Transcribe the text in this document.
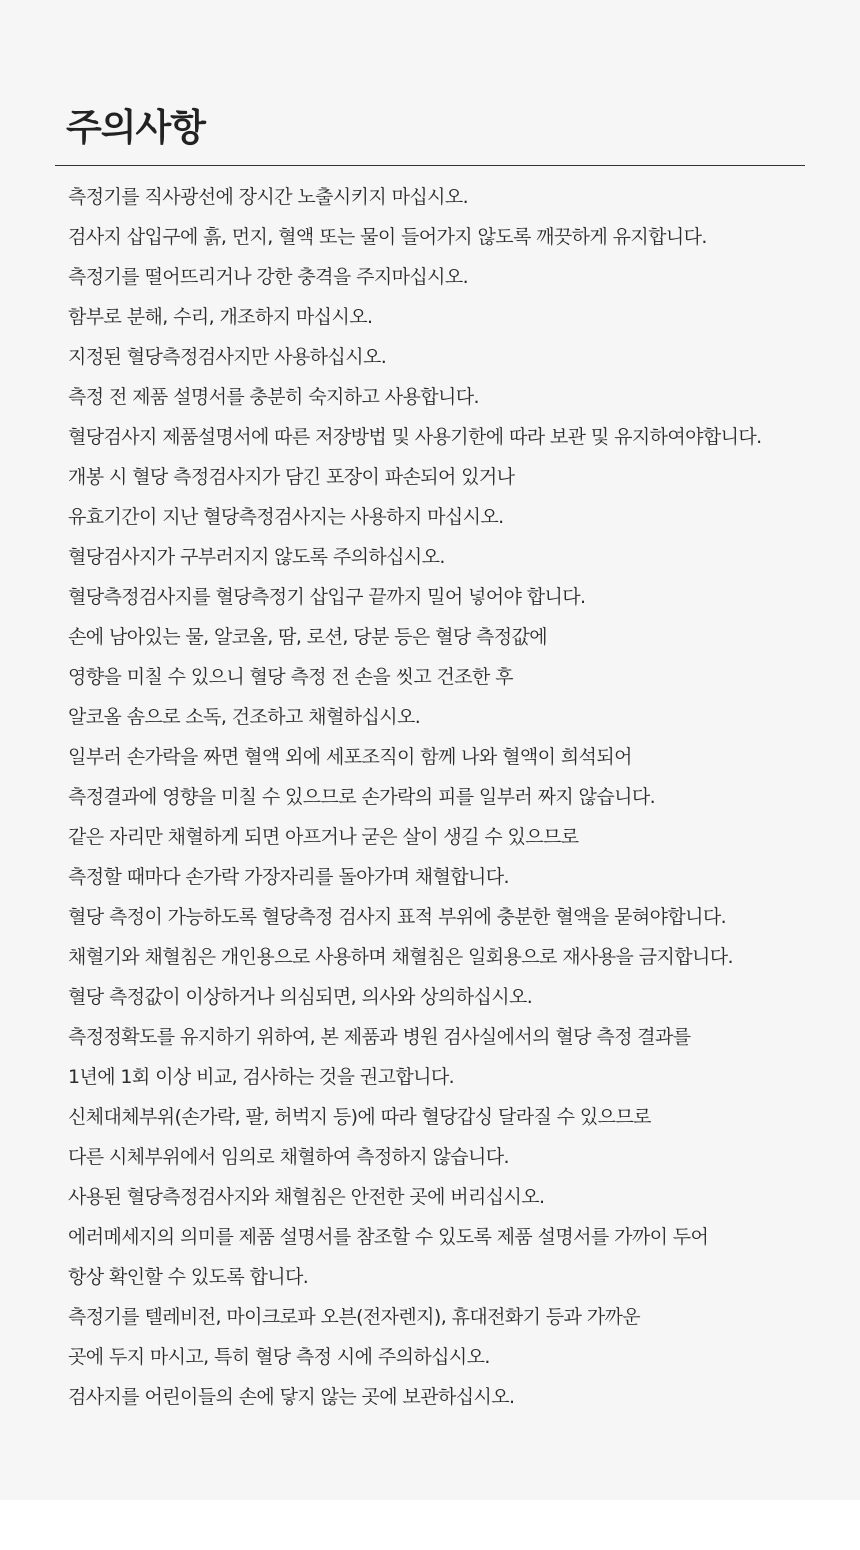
주의사항
측정기를 직사광선에 장시간 노출시키지 마십시오.
검사지 삽입구에 흙, 먼지, 혈액 또는 물이 들어가지 않도록 깨끗하게 유지합니다.
측정기를 떨어뜨리거나 강한 충격을 주지마십시오.
함부로 분해, 수리, 개조하지 마십시오.
지정된 혈당측정검사지만 사용하십시오.
측정 전 제품 설명서를 충분히 숙지하고 사용합니다.
혈당검사지 제품설명서에 따른 저장방법 및 사용기한에 따라 보관 및 유지하여야합니다.
개봉 시 혈당 측정검사지가 담긴 포장이 파손되어 있거나
유효기간이 지난 혈당측정검사지는 사용하지 마십시오.
혈당검사지가 구부러지지 않도록 주의하십시오.
혈당측정검사지를 혈당측정기 삽입구 끝까지 밀어 넣어야 합니다.
손에 남아있는 물, 알코올, 땀, 로션, 당분 등은 혈당 측정값에
영향을 미칠 수 있으니 혈당 측정 전 손을 씻고 건조한 후
알코올 솜으로 소독, 건조하고 채혈하십시오.
일부러 손가락을 짜면 혈액 외에 세포조직이 함께 나와 혈액이 희석되어
측정결과에 영향을 미칠 수 있으므로 손가락의 피를 일부러 짜지 않습니다.
같은 자리만 채혈하게 되면 아프거나 굳은 살이 생길 수 있으므로
측정할 때마다 손가락 가장자리를 돌아가며 채혈합니다.
혈당 측정이 가능하도록 혈당측정 검사지 표적 부위에 충분한 혈액을 묻혀야합니다.
채혈기와 채혈침은 개인용으로 사용하며 채혈침은 일회용으로 재사용을 금지합니다.
혈당 측정값이 이상하거나 의심되면, 의사와 상의하십시오.
측정정확도를 유지하기 위하여, 본 제품과 병원 검사실에서의 혈당 측정 결과를
1년에 1회 이상 비교, 검사하는 것을 권고합니다.
신체대체부위(손가락, 팔, 허벅지 등)에 따라 혈당갑싱 달라질 수 있으므로
다른 시체부위에서 임의로 채혈하여 측정하지 않습니다.
사용된 혈당측정검사지와 채혈침은 안전한 곳에 버리십시오.
에러메세지의 의미를 제품 설명서를 참조할 수 있도록 제품 설명서를 가까이 두어
항상 확인할 수 있도록 합니다.
측정기를 텔레비전, 마이크로파 오븐(전자렌지), 휴대전화기 등과 가까운
곳에 두지 마시고, 특히 혈당 측정 시에 주의하십시오.
검사지를 어린이들의 손에 닿지 않는 곳에 보관하십시오.
